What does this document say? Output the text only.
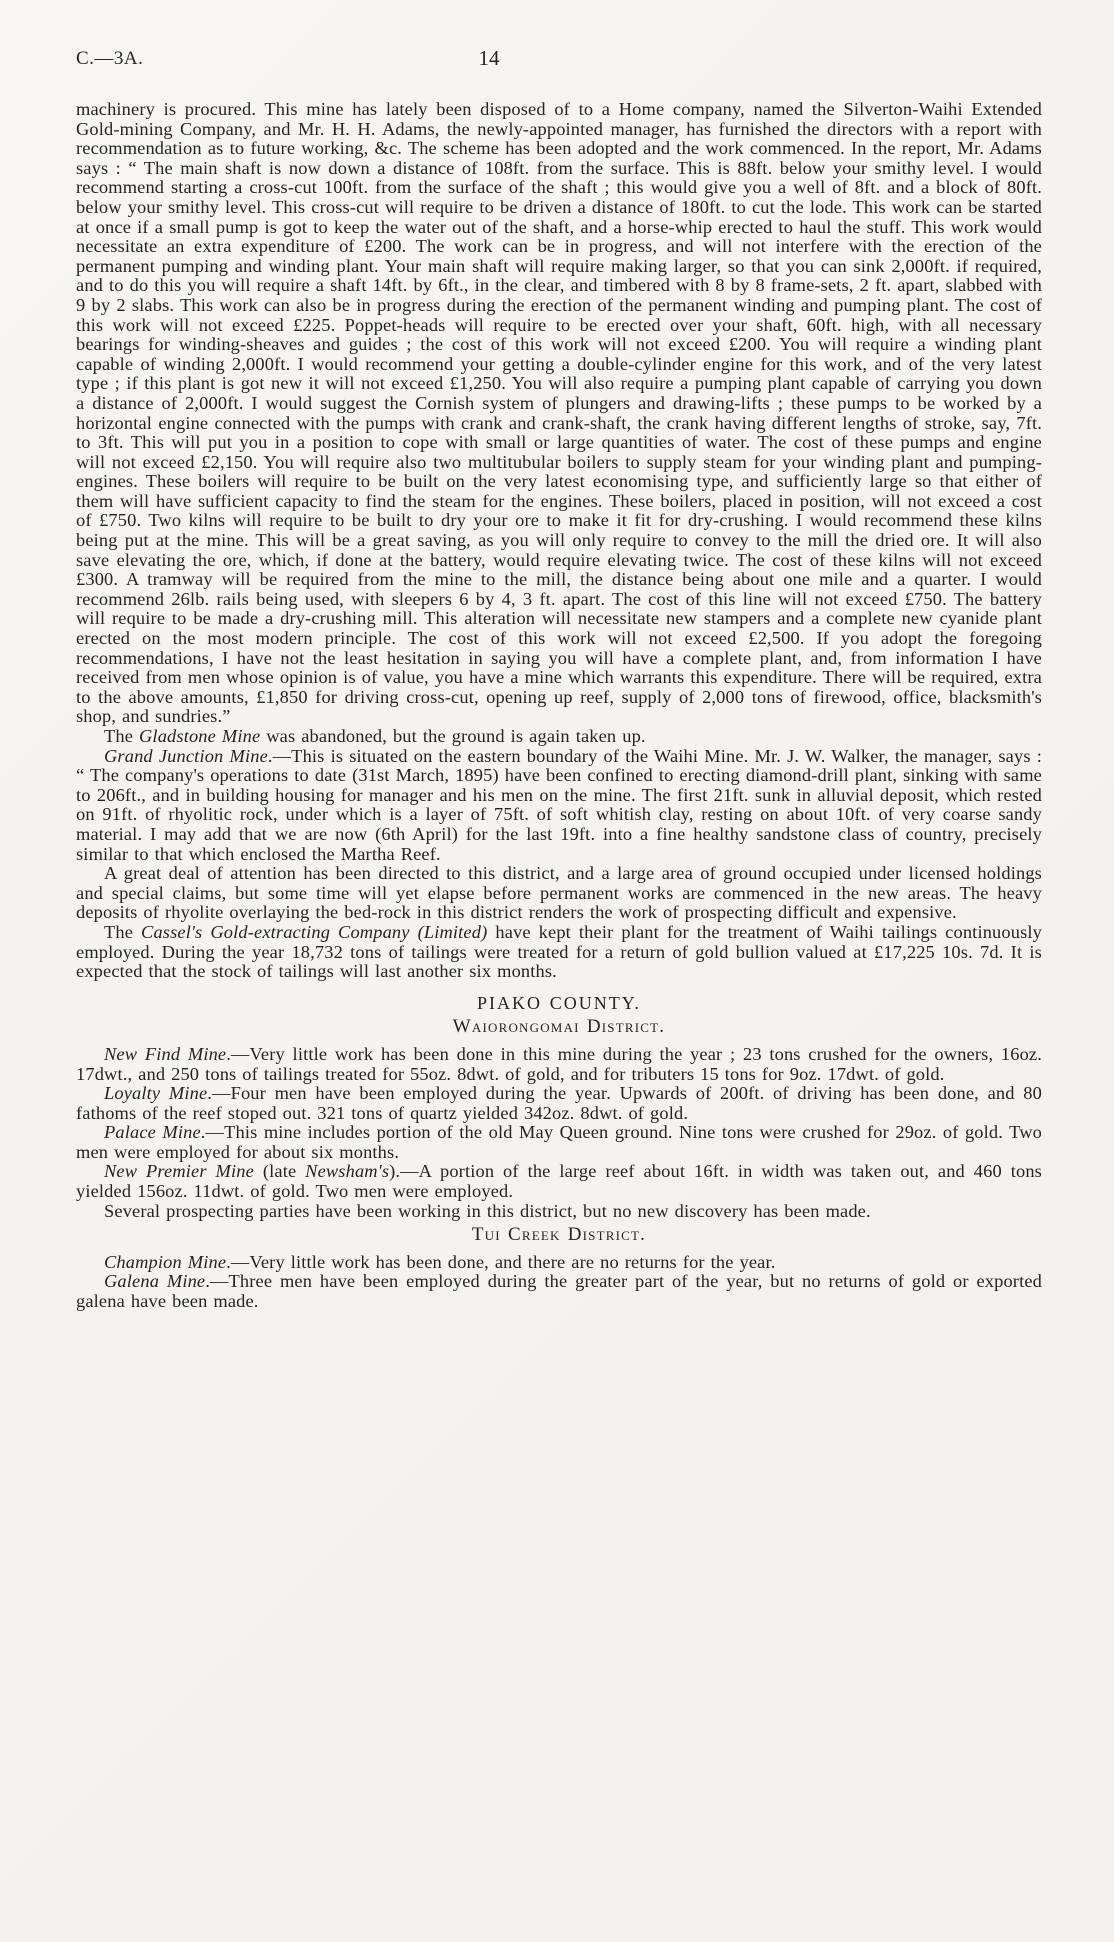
C.—3A.	14

machinery is procured. This mine has lately been disposed of to a Home company, named the Silverton-Waihi Extended Gold-mining Company, and Mr. H. H. Adams, the newly-appointed manager, has furnished the directors with a report with recommendation as to future working, &c. The scheme has been adopted and the work commenced. In the report, Mr. Adams says : “ The main shaft is now down a distance of 108ft. from the surface. This is 88ft. below your smithy level. I would recommend starting a cross-cut 100ft. from the surface of the shaft ; this would give you a well of 8ft. and a block of 80ft. below your smithy level. This cross-cut will require to be driven a distance of 180ft. to cut the lode. This work can be started at once if a small pump is got to keep the water out of the shaft, and a horse-whip erected to haul the stuff. This work would necessitate an extra expenditure of £200. The work can be in progress, and will not interfere with the erection of the permanent pumping and winding plant. Your main shaft will require making larger, so that you can sink 2,000ft. if required, and to do this you will require a shaft 14ft. by 6ft., in the clear, and timbered with 8 by 8 frame-sets, 2 ft. apart, slabbed with 9 by 2 slabs. This work can also be in progress during the erection of the permanent winding and pumping plant. The cost of this work will not exceed £225. Poppet-heads will require to be erected over your shaft, 60ft. high, with all necessary bearings for winding-sheaves and guides ; the cost of this work will not exceed £200. You will require a winding plant capable of winding 2,000ft. I would recommend your getting a double-cylinder engine for this work, and of the very latest type ; if this plant is got new it will not exceed £1,250. You will also require a pumping plant capable of carrying you down a distance of 2,000ft. I would suggest the Cornish system of plungers and drawing-lifts ; these pumps to be worked by a horizontal engine connected with the pumps with crank and crank-shaft, the crank having different lengths of stroke, say, 7ft. to 3ft. This will put you in a position to cope with small or large quantities of water. The cost of these pumps and engine will not exceed £2,150. You will require also two multitubular boilers to supply steam for your winding plant and pumping-engines. These boilers will require to be built on the very latest economising type, and sufficiently large so that either of them will have sufficient capacity to find the steam for the engines. These boilers, placed in position, will not exceed a cost of £750. Two kilns will require to be built to dry your ore to make it fit for dry-crushing. I would recommend these kilns being put at the mine. This will be a great saving, as you will only require to convey to the mill the dried ore. It will also save elevating the ore, which, if done at the battery, would require elevating twice. The cost of these kilns will not exceed £300. A tramway will be required from the mine to the mill, the distance being about one mile and a quarter. I would recommend 26lb. rails being used, with sleepers 6 by 4, 3 ft. apart. The cost of this line will not exceed £750. The battery will require to be made a dry-crushing mill. This alteration will necessitate new stampers and a complete new cyanide plant erected on the most modern principle. The cost of this work will not exceed £2,500. If you adopt the foregoing recommendations, I have not the least hesitation in saying you will have a complete plant, and, from information I have received from men whose opinion is of value, you have a mine which warrants this expenditure. There will be required, extra to the above amounts, £1,850 for driving cross-cut, opening up reef, supply of 2,000 tons of firewood, office, blacksmith's shop, and sundries.”

The Gladstone Mine was abandoned, but the ground is again taken up.

Grand Junction Mine.—This is situated on the eastern boundary of the Waihi Mine. Mr. J. W. Walker, the manager, says : “ The company's operations to date (31st March, 1895) have been confined to erecting diamond-drill plant, sinking with same to 206ft., and in building housing for manager and his men on the mine. The first 21ft. sunk in alluvial deposit, which rested on 91ft. of rhyolitic rock, under which is a layer of 75ft. of soft whitish clay, resting on about 10ft. of very coarse sandy material. I may add that we are now (6th April) for the last 19ft. into a fine healthy sandstone class of country, precisely similar to that which enclosed the Martha Reef.

A great deal of attention has been directed to this district, and a large area of ground occupied under licensed holdings and special claims, but some time will yet elapse before permanent works are commenced in the new areas. The heavy deposits of rhyolite overlaying the bed-rock in this district renders the work of prospecting difficult and expensive.

The Cassel's Gold-extracting Company (Limited) have kept their plant for the treatment of Waihi tailings continuously employed. During the year 18,732 tons of tailings were treated for a return of gold bullion valued at £17,225 10s. 7d. It is expected that the stock of tailings will last another six months.

PIAKO COUNTY.
Waiorongomai District.

New Find Mine.—Very little work has been done in this mine during the year ; 23 tons crushed for the owners, 16oz. 17dwt., and 250 tons of tailings treated for 55oz. 8dwt. of gold, and for tributers 15 tons for 9oz. 17dwt. of gold.

Loyalty Mine.—Four men have been employed during the year. Upwards of 200ft. of driving has been done, and 80 fathoms of the reef stoped out. 321 tons of quartz yielded 342oz. 8dwt. of gold.

Palace Mine.—This mine includes portion of the old May Queen ground. Nine tons were crushed for 29oz. of gold. Two men were employed for about six months.

New Premier Mine (late Newsham's).—A portion of the large reef about 16ft. in width was taken out, and 460 tons yielded 156oz. 11dwt. of gold. Two men were employed.

Several prospecting parties have been working in this district, but no new discovery has been made.

Tui Creek District.

Champion Mine.—Very little work has been done, and there are no returns for the year.

Galena Mine.—Three men have been employed during the greater part of the year, but no returns of gold or exported galena have been made.
